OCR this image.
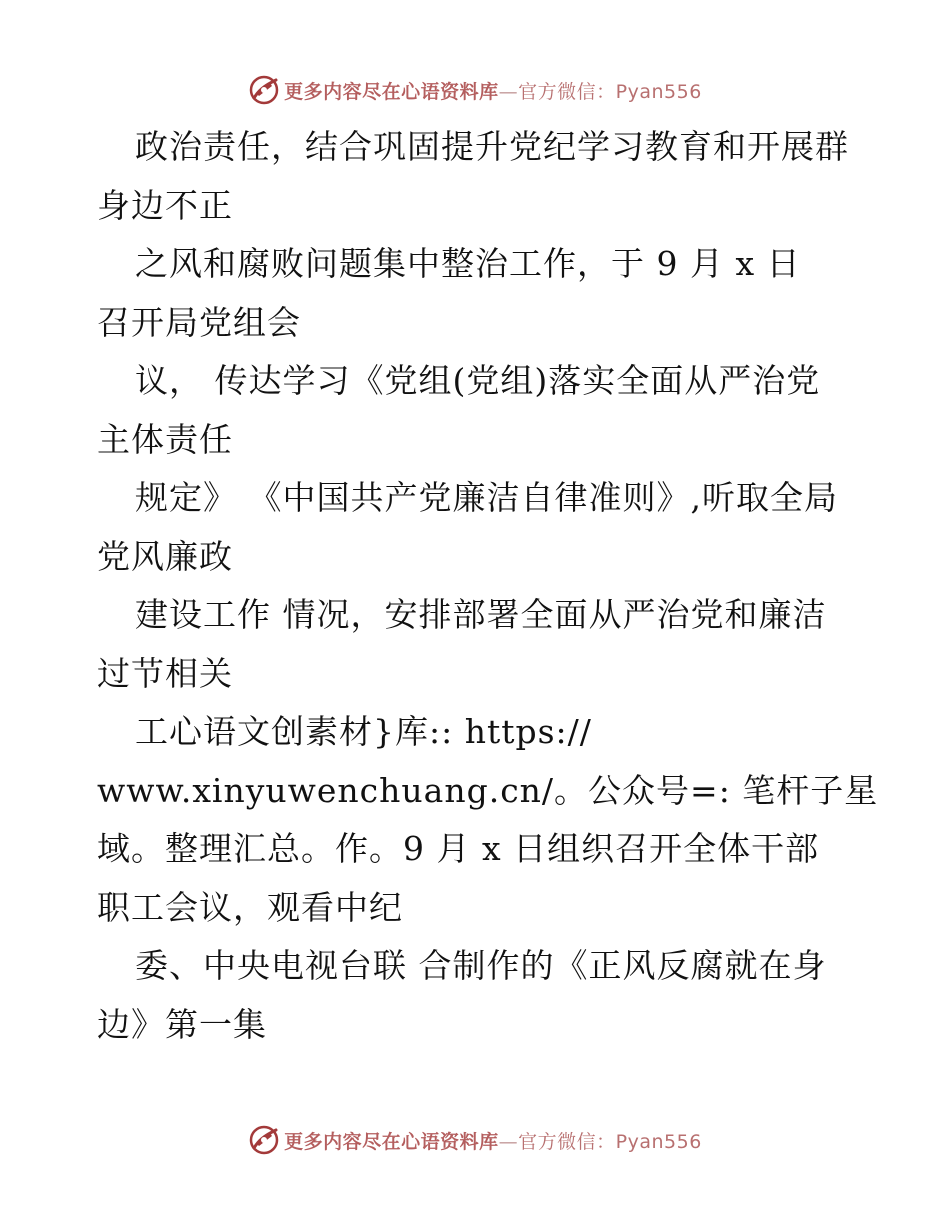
更多内容尽在心语资料库—官方微信：Pyan556
政治责任，结合巩固提升党纪学习教育和开展群
身边不正
之风和腐败问题集中整治工作，于 9 月 x 日
召开局党组会
议， 传达学习《党组(党组)落实全面从严治党
主体责任
规定》 《中国共产党廉洁自律准则》,听取全局
党风廉政
建设工作 情况，安排部署全面从严治党和廉洁
过节相关
工心语文创素材}库:: https://
www.xinyuwenchuang.cn/。公众号=: 笔杆子星
域。整理汇总。作。9 月 x 日组织召开全体干部
职工会议，观看中纪
委、中央电视台联 合制作的《正风反腐就在身
边》第一集
更多内容尽在心语资料库—官方微信：Pyan556
